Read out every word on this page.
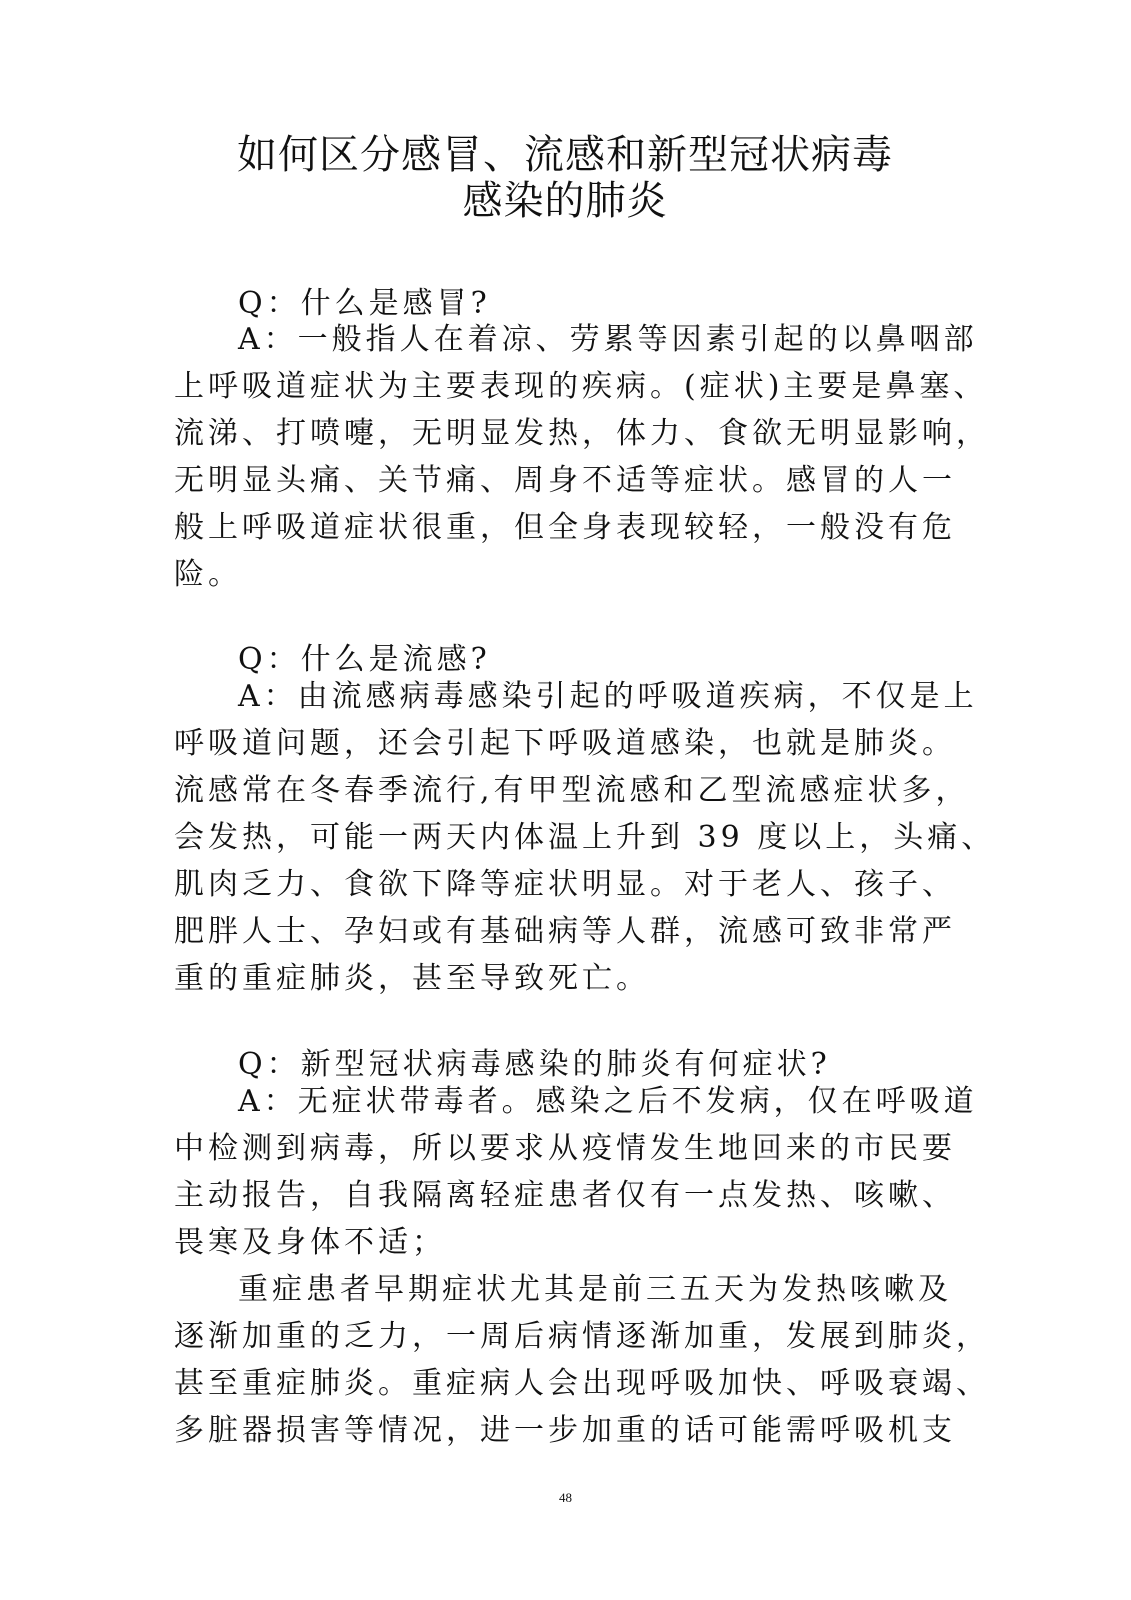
如何区分感冒、流感和新型冠状病毒
感染的肺炎
Q：什么是感冒?
A：一般指人在着凉、劳累等因素引起的以鼻咽部
上呼吸道症状为主要表现的疾病。(症状)主要是鼻塞、
流涕、打喷嚏，无明显发热，体力、食欲无明显影响，
无明显头痛、关节痛、周身不适等症状。感冒的人一
般上呼吸道症状很重，但全身表现较轻，一般没有危
险。
Q：什么是流感?
A：由流感病毒感染引起的呼吸道疾病，不仅是上
呼吸道问题，还会引起下呼吸道感染，也就是肺炎。
流感常在冬春季流行,有甲型流感和乙型流感症状多，
会发热，可能一两天内体温上升到 39 度以上，头痛、
肌肉乏力、食欲下降等症状明显。对于老人、孩子、
肥胖人士、孕妇或有基础病等人群，流感可致非常严
重的重症肺炎，甚至导致死亡。
Q：新型冠状病毒感染的肺炎有何症状?
A：无症状带毒者。感染之后不发病，仅在呼吸道
中检测到病毒，所以要求从疫情发生地回来的市民要
主动报告，自我隔离轻症患者仅有一点发热、咳嗽、
畏寒及身体不适；
重症患者早期症状尤其是前三五天为发热咳嗽及
逐渐加重的乏力，一周后病情逐渐加重，发展到肺炎，
甚至重症肺炎。重症病人会出现呼吸加快、呼吸衰竭、
多脏器损害等情况，进一步加重的话可能需呼吸机支
48
